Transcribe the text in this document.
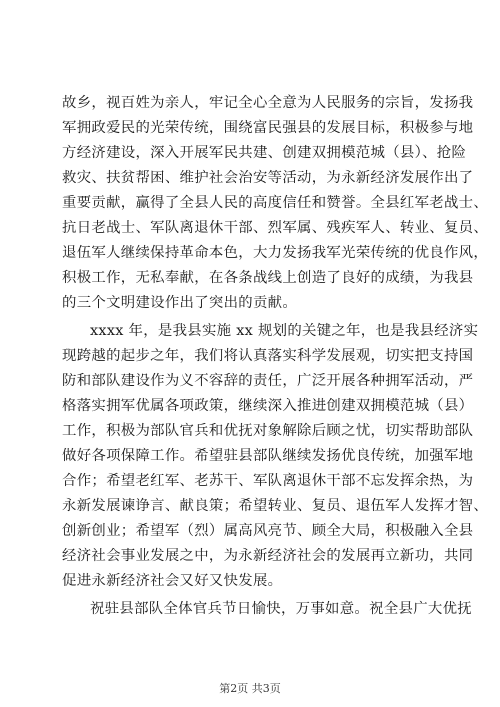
故乡，视百姓为亲人，牢记全心全意为人民服务的宗旨，发扬我
军拥政爱民的光荣传统，围绕富民强县的发展目标，积极参与地
方经济建设，深入开展军民共建、创建双拥模范城（县）、抢险
救灾、扶贫帮困、维护社会治安等活动，为永新经济发展作出了
重要贡献，赢得了全县人民的高度信任和赞誉。全县红军老战士、
抗日老战士、军队离退休干部、烈军属、残疾军人、转业、复员、
退伍军人继续保持革命本色，大力发扬我军光荣传统的优良作风，
积极工作，无私奉献，在各条战线上创造了良好的成绩，为我县
的三个文明建设作出了突出的贡献。
xxxx 年，是我县实施 xx 规划的关键之年，也是我县经济实
现跨越的起步之年，我们将认真落实科学发展观，切实把支持国
防和部队建设作为义不容辞的责任，广泛开展各种拥军活动，严
格落实拥军优属各项政策，继续深入推进创建双拥模范城（县）
工作，积极为部队官兵和优抚对象解除后顾之忧，切实帮助部队
做好各项保障工作。希望驻县部队继续发扬优良传统，加强军地
合作；希望老红军、老苏干、军队离退休干部不忘发挥余热，为
永新发展谏诤言、献良策；希望转业、复员、退伍军人发挥才智、
创新创业；希望军（烈）属高风亮节、顾全大局，积极融入全县
经济社会事业发展之中，为永新经济社会的发展再立新功，共同
促进永新经济社会又好又快发展。
祝驻县部队全体官兵节日愉快，万事如意。祝全县广大优抚
第2页 共3页
